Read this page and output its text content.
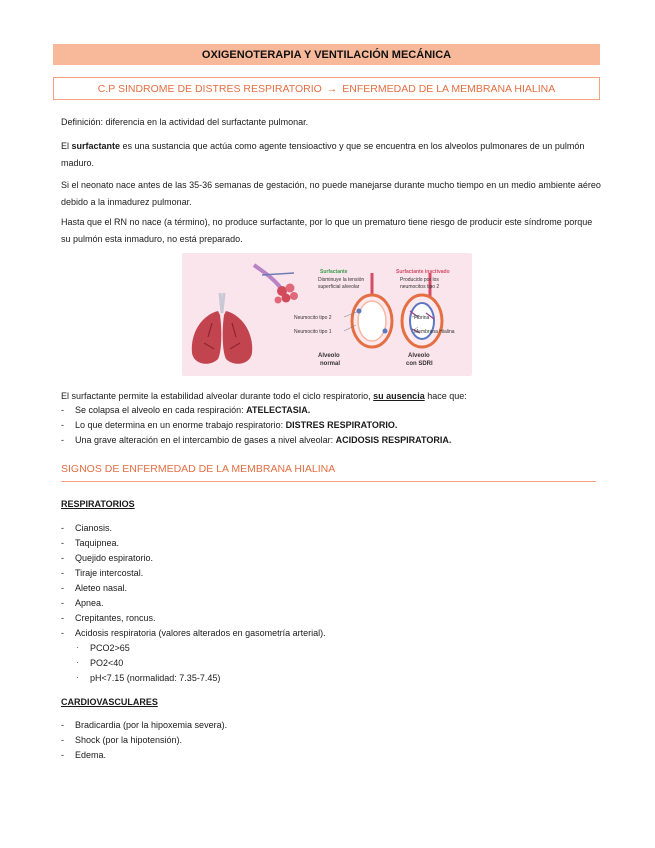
OXIGENOTERAPIA Y VENTILACIÓN MECÁNICA
C.P SINDROME DE DISTRES RESPIRATORIO → ENFERMEDAD DE LA MEMBRANA HIALINA
Definición: diferencia en la actividad del surfactante pulmonar.
El surfactante es una sustancia que actúa como agente tensioactivo y que se encuentra en los alveolos pulmonares de un pulmón maduro.
Si el neonato nace antes de las 35-36 semanas de gestación, no puede manejarse durante mucho tiempo en un medio ambiente aéreo debido a la inmadurez pulmonar.
Hasta que el RN no nace (a término), no produce surfactante, por lo que un prematuro tiene riesgo de producir este síndrome porque su pulmón esta inmaduro, no está preparado.
Surfactante
Disminuye la tensión
superficial alveolar
Surfactante inactivado
Producido por los
neumocitos tipo 2
Neumocito tipo 2
Neumocito tipo 1
Fibrina
Membrana Hialina
Alveolo
normal
Alveolo
con SDRI
El surfactante permite la estabilidad alveolar durante todo el ciclo respiratorio, su ausencia hace que:
- Se colapsa el alveolo en cada respiración: ATELECTASIA.
- Lo que determina en un enorme trabajo respiratorio: DISTRES RESPIRATORIO.
- Una grave alteración en el intercambio de gases a nivel alveolar: ACIDOSIS RESPIRATORIA.
SIGNOS DE ENFERMEDAD DE LA MEMBRANA HIALINA
RESPIRATORIOS
- Cianosis.
- Taquipnea.
- Quejido espiratorio.
- Tiraje intercostal.
- Aleteo nasal.
- Apnea.
- Crepitantes, roncus.
- Acidosis respiratoria (valores alterados en gasometría arterial).
· PCO2>65
· PO2<40
· pH<7.15 (normalidad: 7.35-7.45)
CARDIOVASCULARES
- Bradicardia (por la hipoxemia severa).
- Shock (por la hipotensión).
- Edema.
